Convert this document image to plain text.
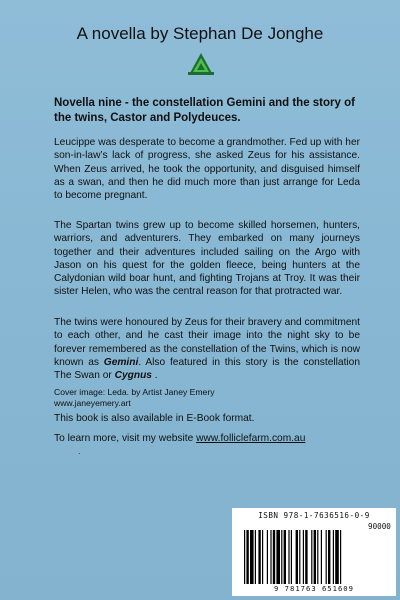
A novella by Stephan De Jonghe
Novella nine - the constellation Gemini and the story of the twins, Castor and Polydeuces.

Leucippe was desperate to become a grandmother. Fed up with her son-in-law’s lack of progress, she asked Zeus for his assistance. When Zeus arrived, he took the opportunity, and disguised himself as a swan, and then he did much more than just arrange for Leda to become pregnant.

The Spartan twins grew up to become skilled horsemen, hunters, warriors, and adventurers. They embarked on many journeys together and their adventures included sailing on the Argo with Jason on his quest for the golden fleece, being hunters at the Calydonian wild boar hunt, and fighting Trojans at Troy. It was their sister Helen, who was the central reason for that protracted war.

The twins were honoured by Zeus for their bravery and commitment to each other, and he cast their image into the night sky to be forever remembered as the constellation of the Twins, which is now known as Gemini. Also featured in this story is the constellation The Swan or Cygnus .

Cover image: Leda. by Artist Janey Emery
www.janeyemery.art
This book is also available in E-Book format.
To learn more, visit my website www.folliclefarm.com.au
.
ISBN 978-1-7636516-0-9
90000
9 781763 651609
